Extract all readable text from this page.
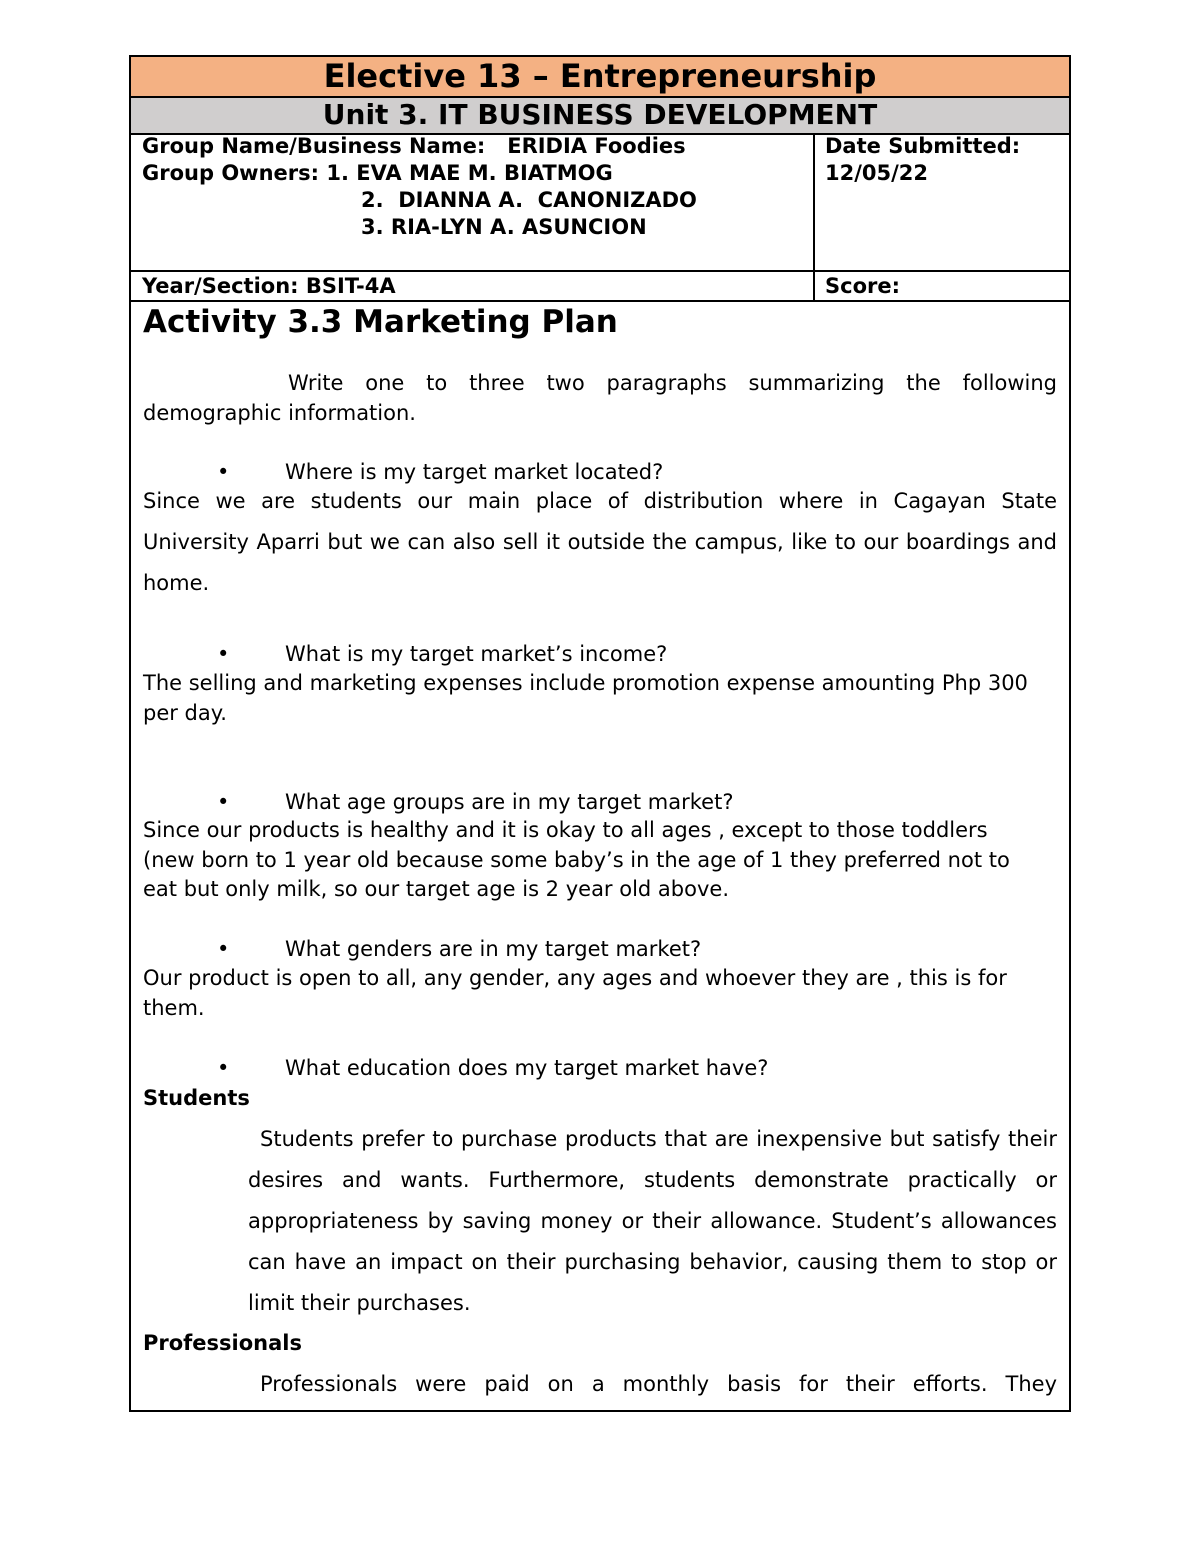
Elective 13 – Entrepreneurship
Unit 3. IT BUSINESS DEVELOPMENT
Group Name/Business Name: ERIDIA Foodies
Group Owners: 1. EVA MAE M. BIATMOG
2.  DIANNA A.  CANONIZADO
3. RIA-LYN A. ASUNCION
Date Submitted:
12/05/22
Year/Section: BSIT-4A	Score:
Activity 3.3 Marketing Plan
Write one to three two paragraphs summarizing the following demographic information.
•	Where is my target market located?
Since we are students our main place of distribution where in Cagayan State University Aparri but we can also sell it outside the campus, like to our boardings and home.
•	What is my target market’s income?
The selling and marketing expenses include promotion expense amounting Php 300 per day.
•	What age groups are in my target market?
Since our products is healthy and it is okay to all ages , except to those toddlers (new born to 1 year old because some baby’s in the age of 1 they preferred not to eat but only milk, so our target age is 2 year old above.
•	What genders are in my target market?
Our product is open to all, any gender, any ages and whoever they are , this is for them.
•	What education does my target market have?
Students
Students prefer to purchase products that are inexpensive but satisfy their desires and wants. Furthermore, students demonstrate practically or appropriateness by saving money or their allowance. Student’s allowances can have an impact on their purchasing behavior, causing them to stop or limit their purchases.
Professionals
Professionals were paid on a monthly basis for their efforts. They
